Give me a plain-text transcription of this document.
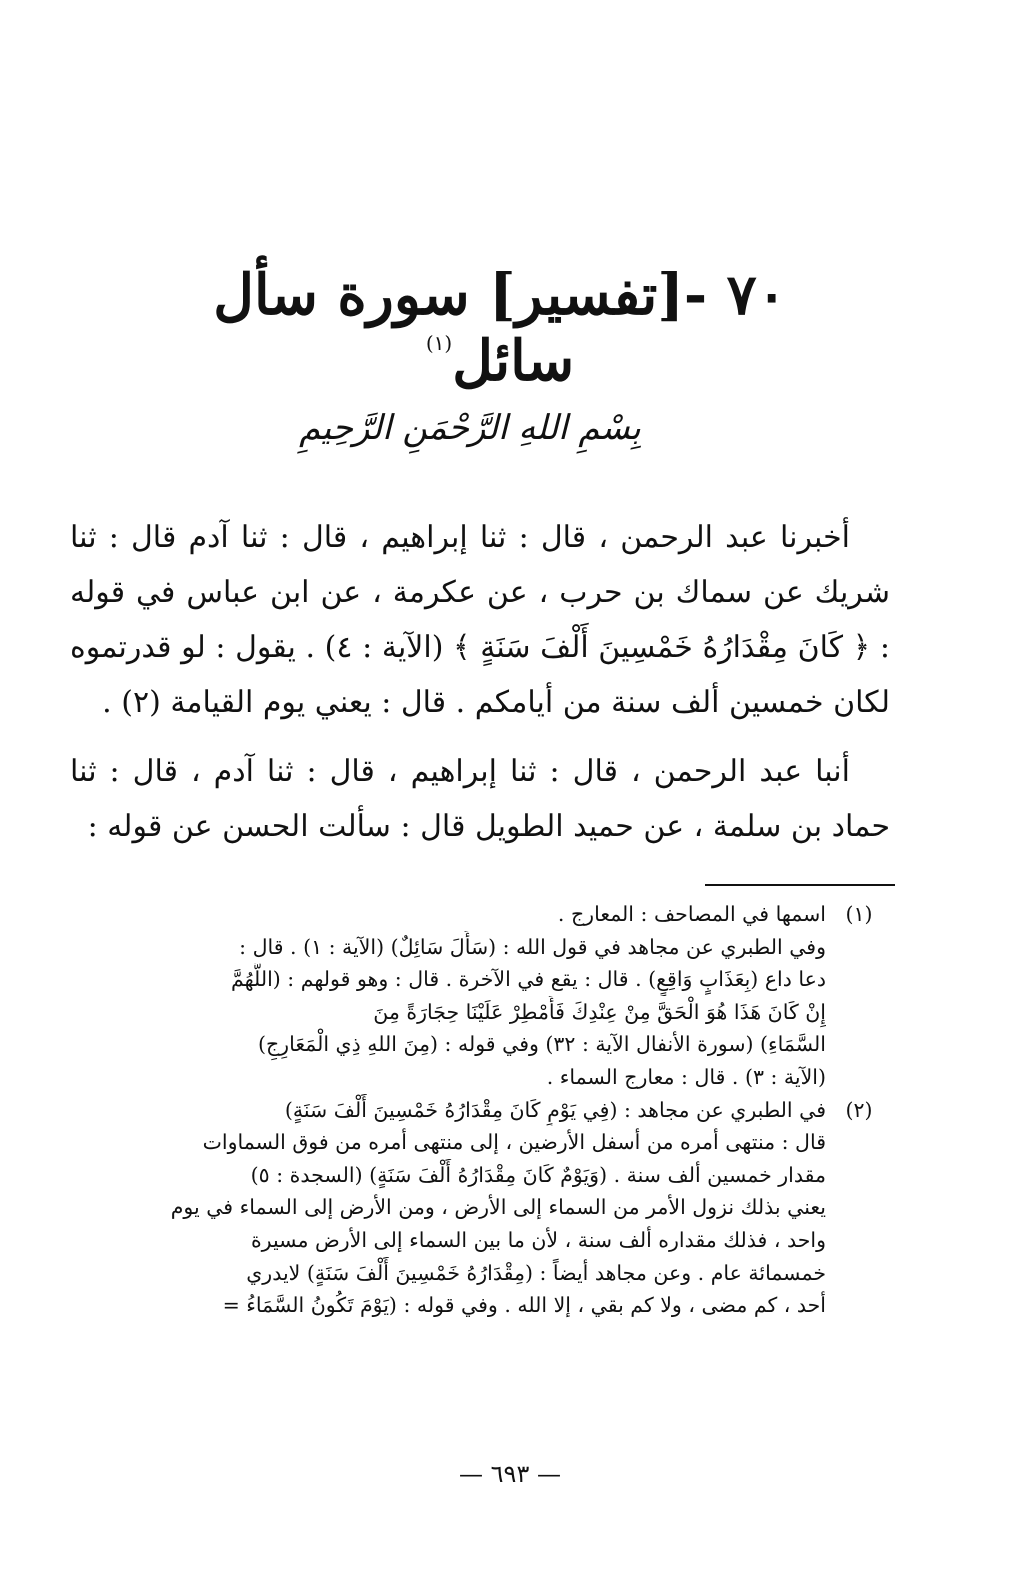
٧٠ -[تفسير] سورة سأل سائل$^{(١)}$
بِسْمِ اللهِ الرَّحْمَنِ الرَّحِيمِ

أخبرنا عبد الرحمن ، قال : ثنا إبراهيم ، قال : ثنا آدم قال : ثنا شريك عن سماك بن حرب ، عن عكرمة ، عن ابن عباس في قوله : ﴿ كَانَ مِقْدَارُهُ خَمْسِينَ أَلْفَ سَنَةٍ ﴾ (الآية : ٤) . يقول : لو قدرتموه لكان خمسين ألف سنة من أيامكم . قال : يعني يوم القيامة (٢) .

أنبا عبد الرحمن ، قال : ثنا إبراهيم ، قال : ثنا آدم ، قال : ثنا حماد بن سلمة ، عن حميد الطويل قال : سألت الحسن عن قوله :

(١)
اسمها في المصاحف : المعارج .
وفي الطبري عن مجاهد في قول الله : (سَأَلَ سَائِلٌ) (الآية : ١) . قال :
دعا داع (بِعَذَابٍ وَاقِعٍ) . قال : يقع في الآخرة . قال : وهو قولهم : (اللَّهُمَّ
إِنْ كَانَ هَذَا هُوَ الْحَقَّ مِنْ عِنْدِكَ فَأَمْطِرْ عَلَيْنَا حِجَارَةً مِنَ
السَّمَاءِ) (سورة الأنفال الآية : ٣٢) وفي قوله : (مِنَ اللهِ ذِي الْمَعَارِجِ)
(الآية : ٣) . قال : معارج السماء .
(٢)
في الطبري عن مجاهد : (فِي يَوْمٍ كَانَ مِقْدَارُهُ خَمْسِينَ أَلْفَ سَنَةٍ)
قال : منتهى أمره من أسفل الأرضين ، إلى منتهى أمره من فوق السماوات
مقدار خمسين ألف سنة . (وَيَوْمٌ كَانَ مِقْدَارُهُ أَلْفَ سَنَةٍ) (السجدة : ٥)
يعني بذلك نزول الأمر من السماء إلى الأرض ، ومن الأرض إلى السماء في يوم
واحد ، فذلك مقداره ألف سنة ، لأن ما بين السماء إلى الأرض مسيرة
خمسمائة عام . وعن مجاهد أيضاً : (مِقْدَارُهُ خَمْسِينَ أَلْفَ سَنَةٍ) لايدري
أحد ، كم مضى ، ولا كم بقي ، إلا الله . وفي قوله : (يَوْمَ تَكُونُ السَّمَاءُ =
— ٦٩٣ —
